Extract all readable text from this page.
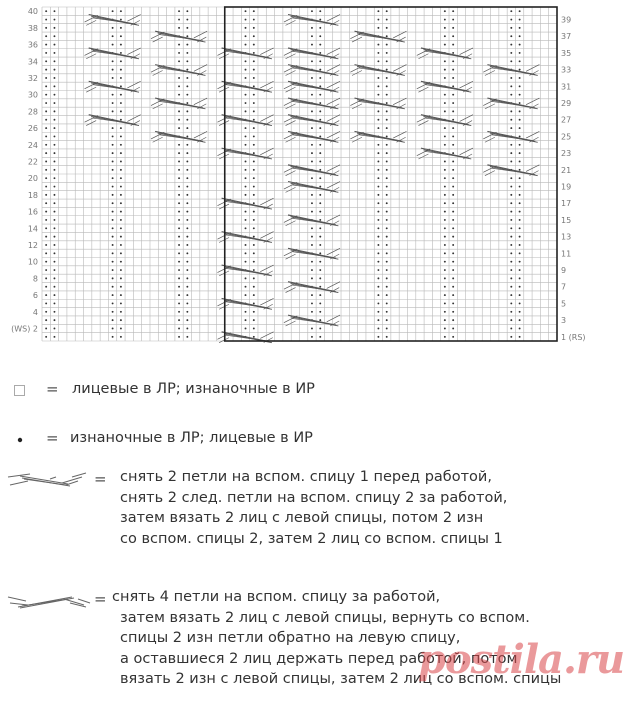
40
38
36
34
32
30
28
26
24
22
20
18
16
14
12
10
8
6
4
(WS) 2
39
37
35
33
31
29
27
25
23
21
19
17
15
13
11
9
7
5
3
1 (RS)
= лицевые в ЛР; изнаночные в ИР
= изнаночные в ЛР; лицевые в ИР
= снять 2 петли на вспом. спицу 1 перед работой,
снять 2 след. петли на вспом. спицу 2 за работой,
затем вязать 2 лиц с левой спицы, потом 2 изн
со вспом. спицы 2, затем 2 лиц со вспом. спицы 1
= снять 4 петли на вспом. спицу за работой,
затем вязать 2 лиц с левой спицы, вернуть со вспом.
спицы 2 изн петли обратно на левую спицу,
а оставшиеся 2 лиц держать перед работой, потом
вязать 2 изн с левой спицы, затем 2 лиц со вспом. спицы
postila.ru
